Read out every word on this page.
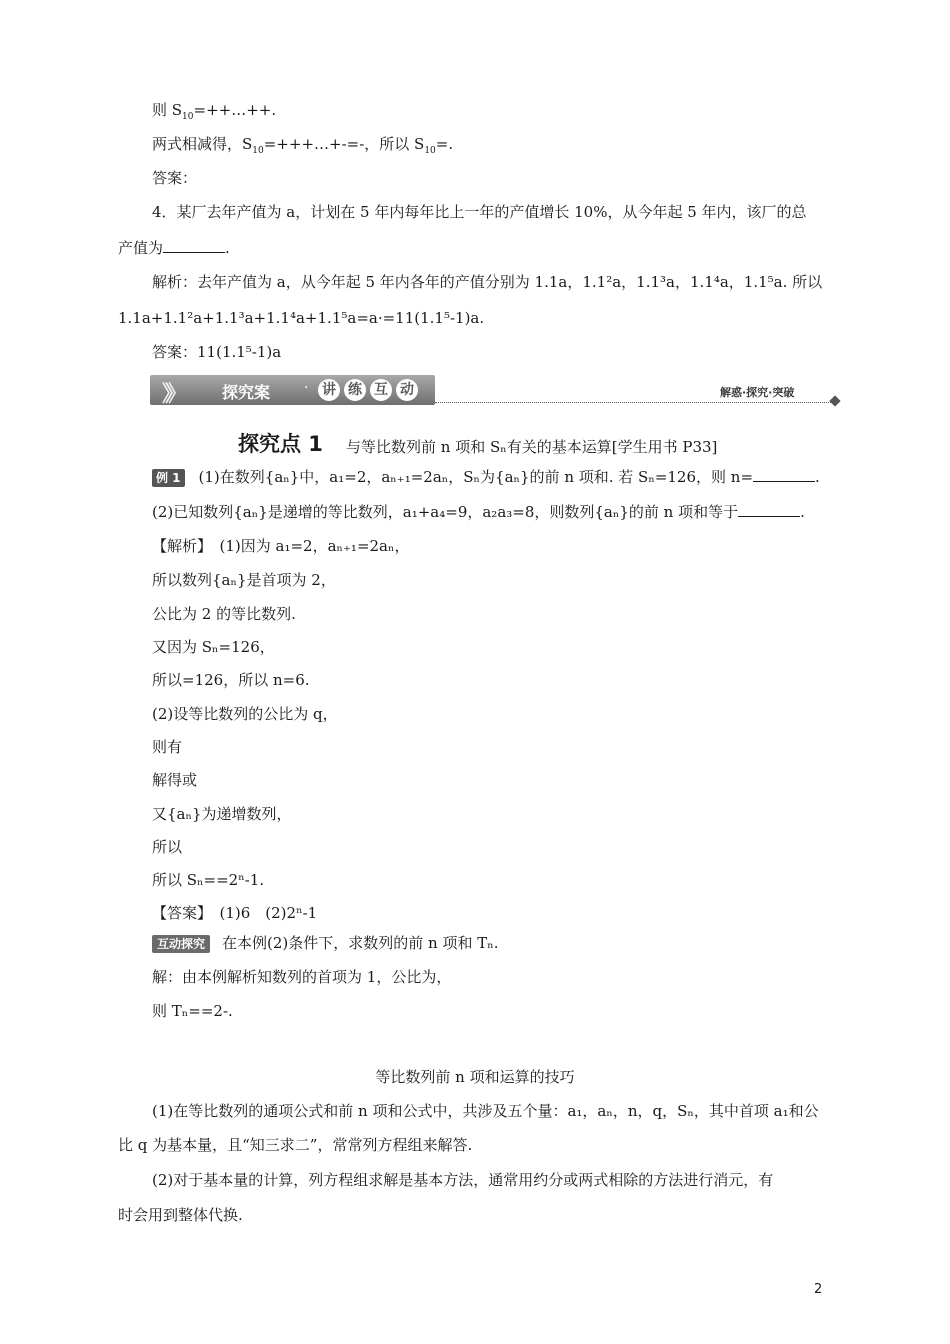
则 $S_{10}=++\dots++$.
两式相减得，$S_{10}=+++\dots+-=-$，所以 $S_{10}=$.
答案：
4．某厂去年产值为 a，计划在 5 年内每年比上一年的产值增长 10%，从今年起 5 年内，该厂的总
产值为	.
解析：去年产值为 a，从今年起 5 年内各年的产值分别为 1.1a，1.1²a，1.1³a，1.1⁴a，1.1⁵a. 所以
1.1a+1.1²a+1.1³a+1.1⁴a+1.1⁵a=a·=11(1.1⁵-1)a.
答案：11(1.1⁵-1)a
》》	探究案 · 讲 练 互 动	解惑·探究·突破
探究点 1 与等比数列前 n 项和 Sₙ有关的基本运算[学生用书 P33]
例 1 (1)在数列{aₙ}中，a₁=2，aₙ₊₁=2aₙ，Sₙ为{aₙ}的前 n 项和. 若 Sₙ=126，则 n=	.
(2)已知数列{aₙ}是递增的等比数列，a₁+a₄=9，a₂a₃=8，则数列{aₙ}的前 n 项和等于	.
【解析】　(1)因为 a₁=2，aₙ₊₁=2aₙ，
所以数列{aₙ}是首项为 2，
公比为 2 的等比数列.
又因为 Sₙ=126，
所以=126，所以 n=6.
(2)设等比数列的公比为 q，
则有
解得或
又{aₙ}为递增数列，
所以
所以 Sₙ==2ⁿ-1.
【答案】　(1)6　(2)2ⁿ-1
互动探究 在本例(2)条件下，求数列的前 n 项和 Tₙ.
解：由本例解析知数列的首项为 1，公比为，
则 Tₙ==2-.
等比数列前 n 项和运算的技巧
(1)在等比数列的通项公式和前 n 项和公式中，共涉及五个量：a₁，aₙ，n，q，Sₙ，其中首项 a₁和公
比 q 为基本量，且“知三求二”，常常列方程组来解答.
(2)对于基本量的计算，列方程组求解是基本方法，通常用约分或两式相除的方法进行消元，有
时会用到整体代换.
2
